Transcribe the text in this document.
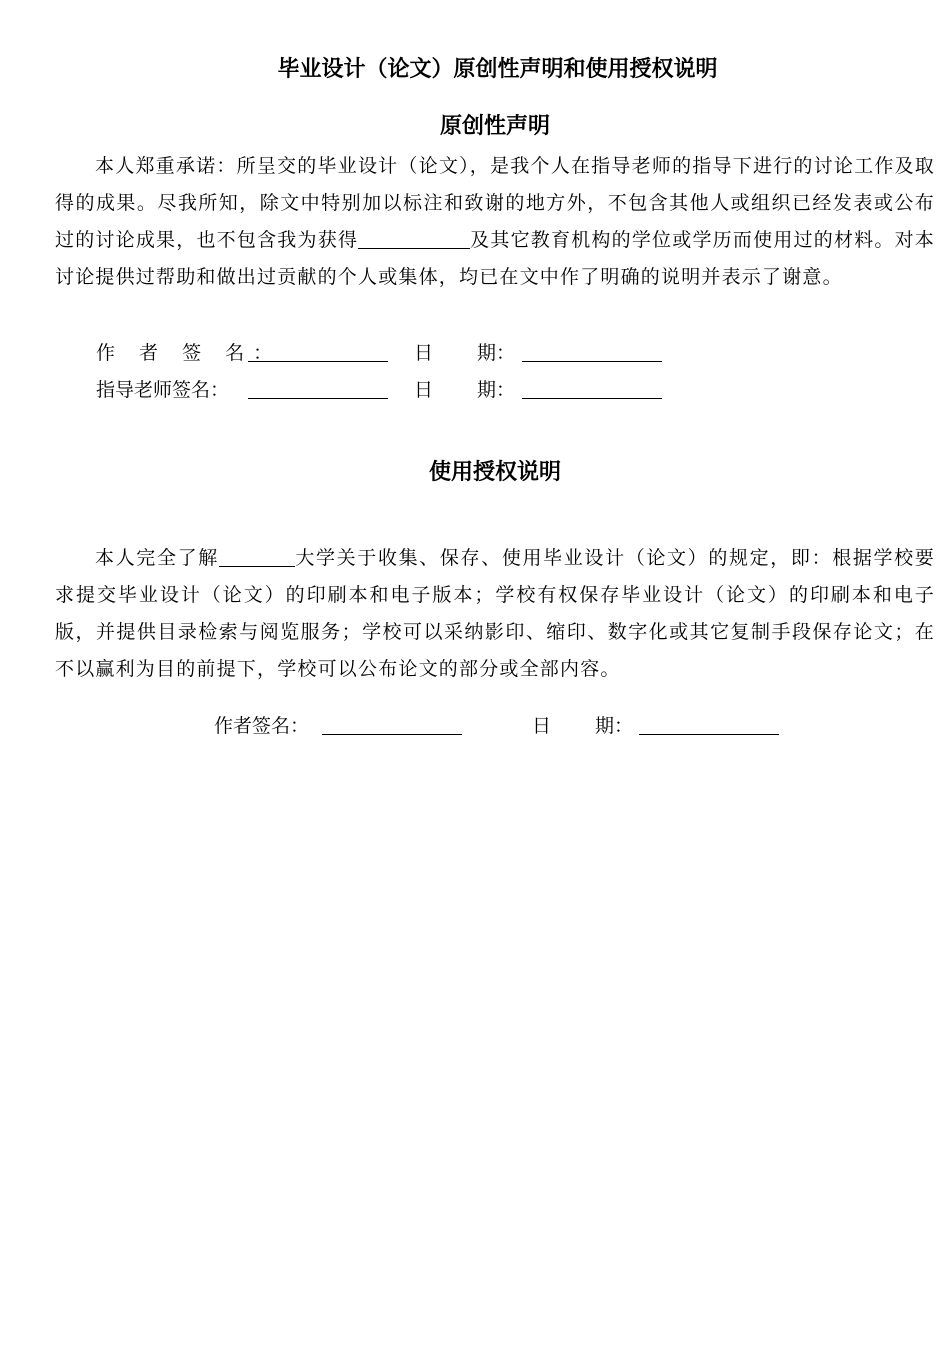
毕业设计（论文）原创性声明和使用授权说明
原创性声明
本人郑重承诺：所呈交的毕业设计（论文），是我个人在指导老师的指导下进行的讨论工作及取得的成果。尽我所知，除文中特别加以标注和致谢的地方外，不包含其他人或组织已经发表或公布过的讨论成果，也不包含我为获得	及其它教育机构的学位或学历而使用过的材料。对本讨论提供过帮助和做出过贡献的个人或集体，均已在文中作了明确的说明并表示了谢意。
作 者 签 名：	日 期：
指导老师签名：	日 期：
使用授权说明
本人完全了解	大学关于收集、保存、使用毕业设计（论文）的规定，即：根据学校要求提交毕业设计（论文）的印刷本和电子版本；学校有权保存毕业设计（论文）的印刷本和电子版，并提供目录检索与阅览服务；学校可以采纳影印、缩印、数字化或其它复制手段保存论文；在不以赢利为目的前提下，学校可以公布论文的部分或全部内容。
作者签名：	日 期：
